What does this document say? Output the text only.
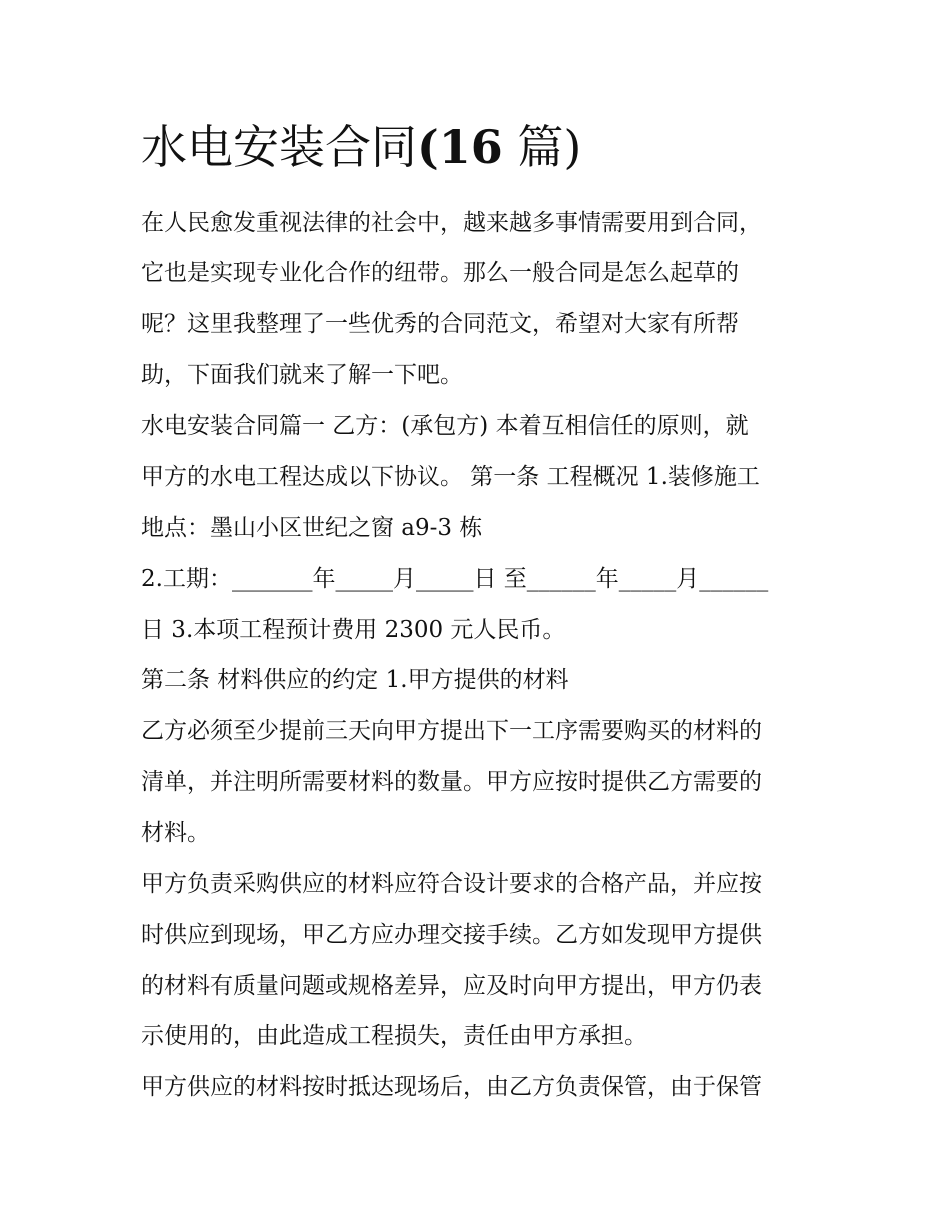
水电安装合同(16 篇)

在人民愈发重视法律的社会中，越来越多事情需要用到合同，

它也是实现专业化合作的纽带。那么一般合同是怎么起草的

呢？这里我整理了一些优秀的合同范文，希望对大家有所帮

助，下面我们就来了解一下吧。

水电安装合同篇一 乙方：(承包方) 本着互相信任的原则，就

甲方的水电工程达成以下协议。 第一条 工程概况 1.装修施工

地点：墨山小区世纪之窗 a9-3 栋

2.工期：_______年_____月_____日 至______年_____月______

日 3.本项工程预计费用 2300 元人民币。

第二条 材料供应的约定 1.甲方提供的材料

乙方必须至少提前三天向甲方提出下一工序需要购买的材料的

清单，并注明所需要材料的数量。甲方应按时提供乙方需要的

材料。

甲方负责采购供应的材料应符合设计要求的合格产品，并应按

时供应到现场，甲乙方应办理交接手续。乙方如发现甲方提供

的材料有质量问题或规格差异，应及时向甲方提出，甲方仍表

示使用的，由此造成工程损失，责任由甲方承担。

甲方供应的材料按时抵达现场后，由乙方负责保管，由于保管
